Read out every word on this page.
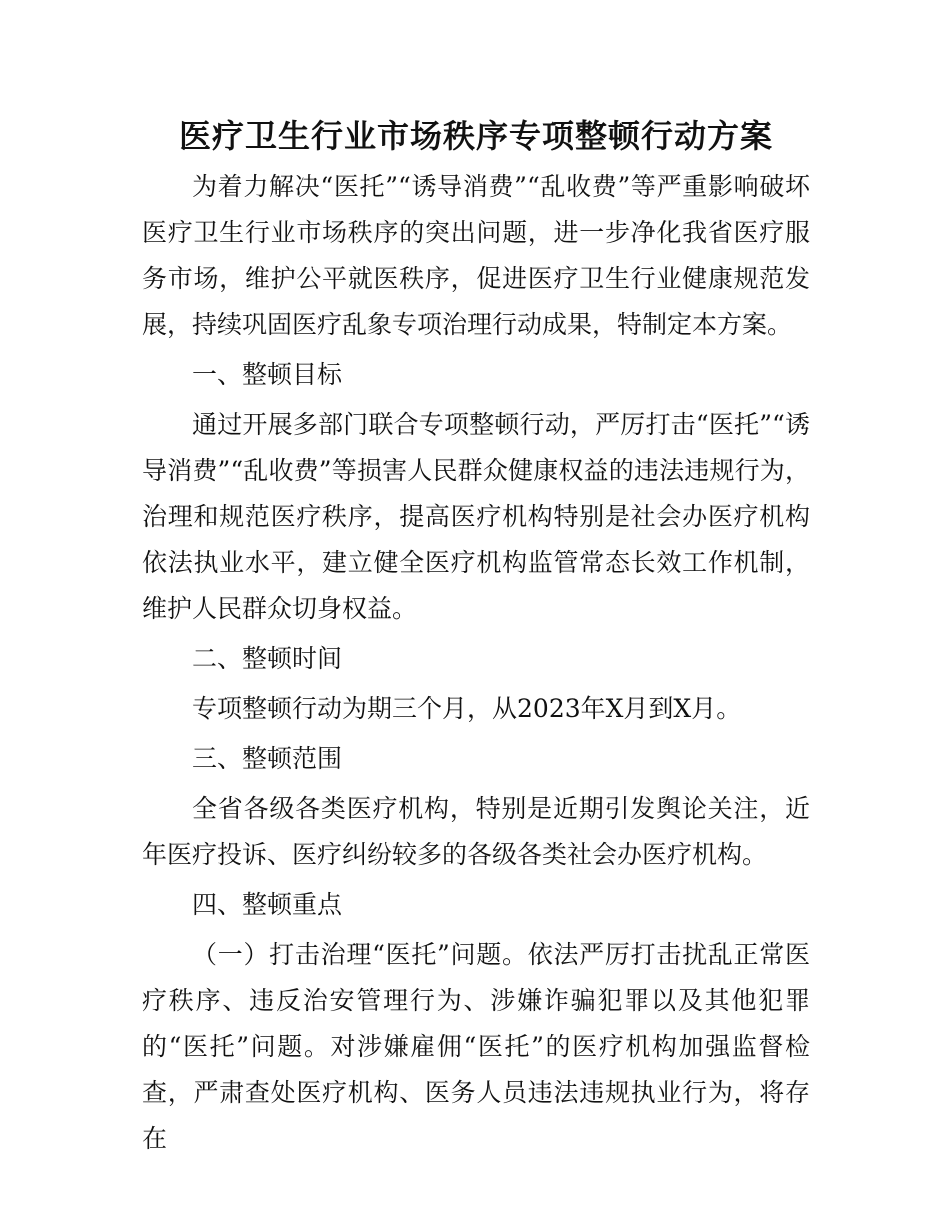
医疗卫生行业市场秩序专项整顿行动方案

为着力解决“医托”“诱导消费”“乱收费”等严重影响破坏医疗卫生行业市场秩序的突出问题，进一步净化我省医疗服务市场，维护公平就医秩序，促进医疗卫生行业健康规范发展，持续巩固医疗乱象专项治理行动成果，特制定本方案。

一、整顿目标

通过开展多部门联合专项整顿行动，严厉打击“医托”“诱导消费”“乱收费”等损害人民群众健康权益的违法违规行为，治理和规范医疗秩序，提高医疗机构特别是社会办医疗机构依法执业水平，建立健全医疗机构监管常态长效工作机制，维护人民群众切身权益。

二、整顿时间

专项整顿行动为期三个月，从2023年X月到X月。

三、整顿范围

全省各级各类医疗机构，特别是近期引发舆论关注，近年医疗投诉、医疗纠纷较多的各级各类社会办医疗机构。

四、整顿重点

（一）打击治理“医托”问题。依法严厉打击扰乱正常医疗秩序、违反治安管理行为、涉嫌诈骗犯罪以及其他犯罪的“医托”问题。对涉嫌雇佣“医托”的医疗机构加强监督检查，严肃查处医疗机构、医务人员违法违规执业行为，将存在
